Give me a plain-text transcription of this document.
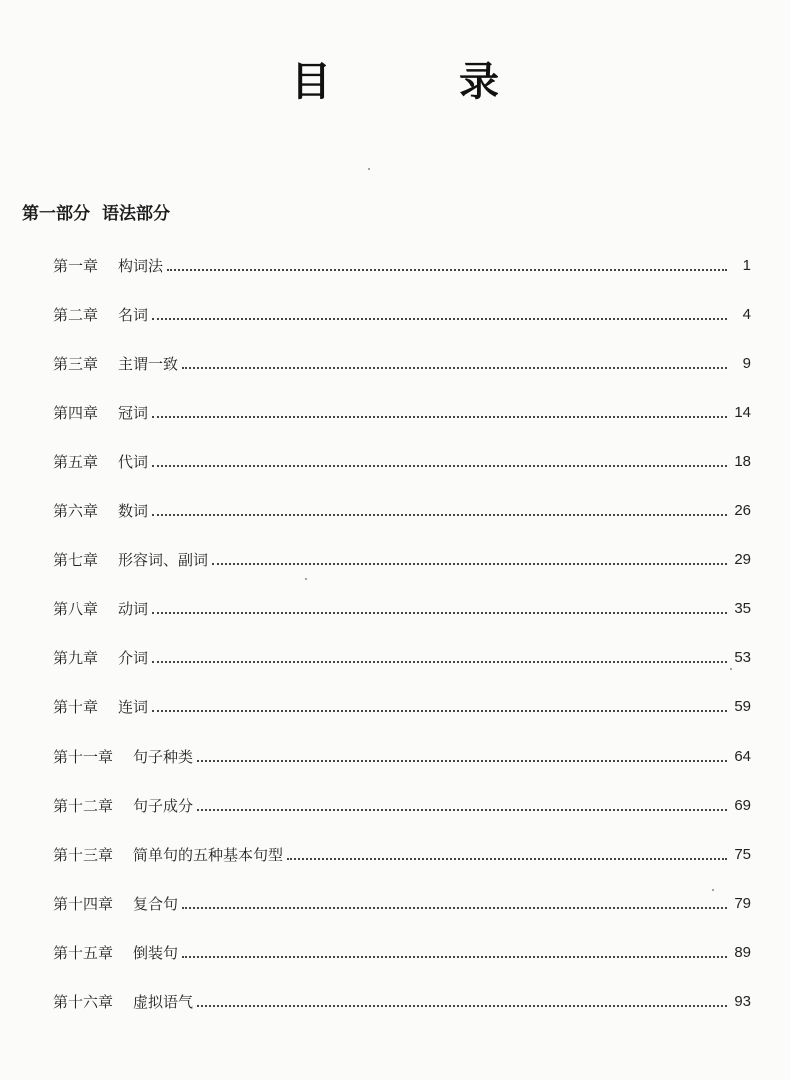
目　录
第一部分 语法部分
第一章 构词法	1
第二章 名词	4
第三章 主谓一致	9
第四章 冠词	14
第五章 代词	18
第六章 数词	26
第七章 形容词、副词	29
第八章 动词	35
第九章 介词	53
第十章 连词	59
第十一章 句子种类	64
第十二章 句子成分	69
第十三章 简单句的五种基本句型	75
第十四章 复合句	79
第十五章 倒装句	89
第十六章 虚拟语气	93
